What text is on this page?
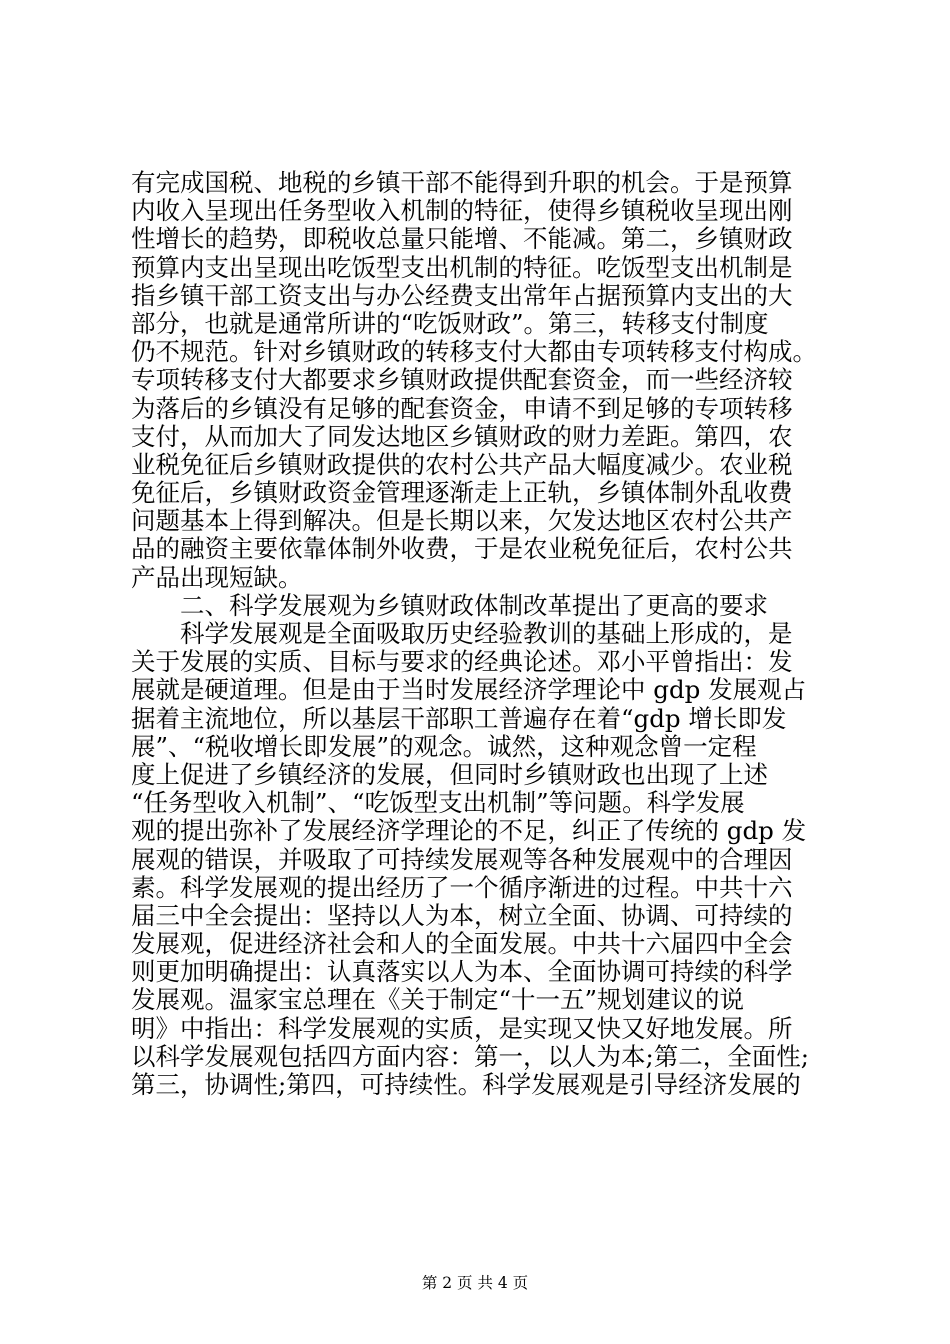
有完成国税、地税的乡镇干部不能得到升职的机会。于是预算
内收入呈现出任务型收入机制的特征，使得乡镇税收呈现出刚
性增长的趋势，即税收总量只能增、不能减。第二，乡镇财政
预算内支出呈现出吃饭型支出机制的特征。吃饭型支出机制是
指乡镇干部工资支出与办公经费支出常年占据预算内支出的大
部分，也就是通常所讲的“吃饭财政”。第三，转移支付制度
仍不规范。针对乡镇财政的转移支付大都由专项转移支付构成。
专项转移支付大都要求乡镇财政提供配套资金，而一些经济较
为落后的乡镇没有足够的配套资金，申请不到足够的专项转移
支付，从而加大了同发达地区乡镇财政的财力差距。第四，农
业税免征后乡镇财政提供的农村公共产品大幅度减少。农业税
免征后，乡镇财政资金管理逐渐走上正轨，乡镇体制外乱收费
问题基本上得到解决。但是长期以来，欠发达地区农村公共产
品的融资主要依靠体制外收费，于是农业税免征后，农村公共
产品出现短缺。
二、科学发展观为乡镇财政体制改革提出了更高的要求
科学发展观是全面吸取历史经验教训的基础上形成的，是
关于发展的实质、目标与要求的经典论述。邓小平曾指出：发
展就是硬道理。但是由于当时发展经济学理论中 gdp 发展观占
据着主流地位，所以基层干部职工普遍存在着“gdp 增长即发
展”、“税收增长即发展”的观念。诚然，这种观念曾一定程
度上促进了乡镇经济的发展，但同时乡镇财政也出现了上述
“任务型收入机制”、“吃饭型支出机制”等问题。科学发展
观的提出弥补了发展经济学理论的不足，纠正了传统的 gdp 发
展观的错误，并吸取了可持续发展观等各种发展观中的合理因
素。科学发展观的提出经历了一个循序渐进的过程。中共十六
届三中全会提出：坚持以人为本，树立全面、协调、可持续的
发展观，促进经济社会和人的全面发展。中共十六届四中全会
则更加明确提出：认真落实以人为本、全面协调可持续的科学
发展观。温家宝总理在《关于制定“十一五”规划建议的说
明》中指出：科学发展观的实质，是实现又快又好地发展。所
以科学发展观包括四方面内容：第一，以人为本;第二，全面性;
第三，协调性;第四，可持续性。科学发展观是引导经济发展的
第 2 页 共 4 页
